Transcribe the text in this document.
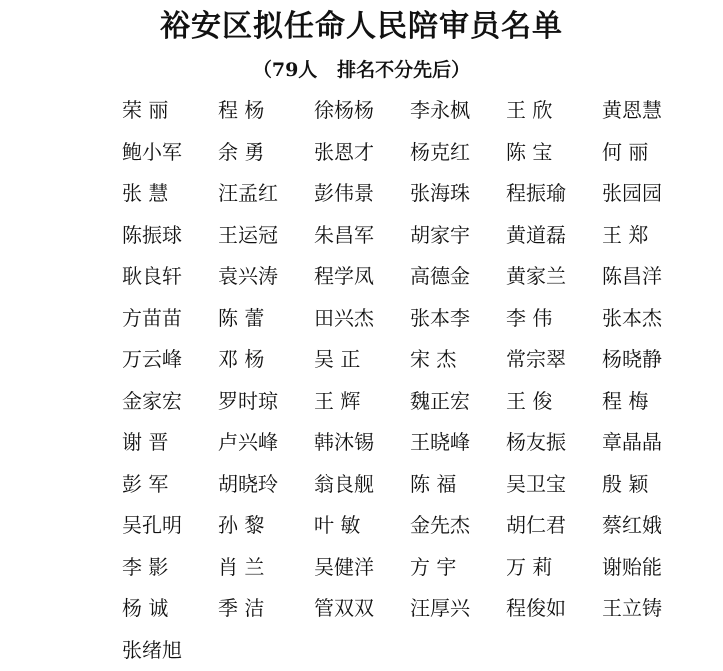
裕安区拟任命人民陪审员名单
（79人   排名不分先后）
荣 丽	程 杨	徐杨杨	李永枫	王 欣	黄恩慧
鲍小军	余 勇	张恩才	杨克红	陈 宝	何 丽
张 慧	汪孟红	彭伟景	张海珠	程振瑜	张园园
陈振球	王运冠	朱昌军	胡家宇	黄道磊	王 郑
耿良轩	袁兴涛	程学凤	高德金	黄家兰	陈昌洋
方苗苗	陈 蕾	田兴杰	张本李	李 伟	张本杰
万云峰	邓 杨	吴 正	宋 杰	常宗翠	杨晓静
金家宏	罗时琼	王 辉	魏正宏	王 俊	程 梅
谢 晋	卢兴峰	韩沐锡	王晓峰	杨友振	章晶晶
彭 军	胡晓玲	翁良舰	陈 福	吴卫宝	殷 颖
吴孔明	孙 黎	叶 敏	金先杰	胡仁君	蔡红娥
李 影	肖 兰	吴健洋	方 宇	万 莉	谢贻能
杨 诚	季 洁	管双双	汪厚兴	程俊如	王立铸
张绪旭
